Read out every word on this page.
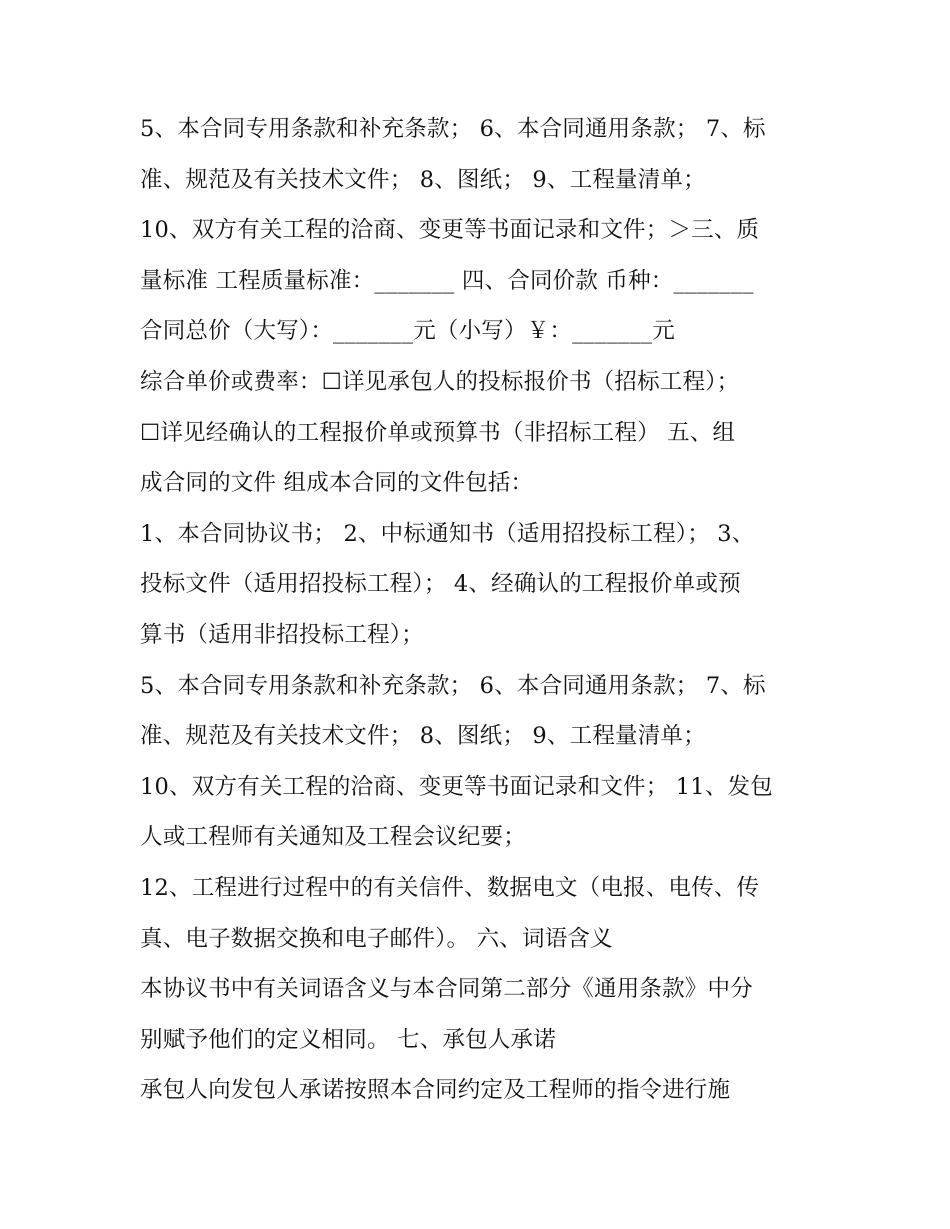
5、本合同专用条款和补充条款； 6、本合同通用条款； 7、标
准、规范及有关技术文件； 8、图纸； 9、工程量清单；
10、双方有关工程的洽商、变更等书面记录和文件；＞三、质
量标准 工程质量标准：_______ 四、合同价款 币种：_______
合同总价（大写）：_______元（小写）￥：_______元
综合单价或费率：☐详见承包人的投标报价书（招标工程）；
☐详见经确认的工程报价单或预算书（非招标工程） 五、组
成合同的文件 组成本合同的文件包括：
1、本合同协议书； 2、中标通知书（适用招投标工程）； 3、
投标文件（适用招投标工程）； 4、经确认的工程报价单或预
算书（适用非招投标工程）；
5、本合同专用条款和补充条款； 6、本合同通用条款； 7、标
准、规范及有关技术文件； 8、图纸； 9、工程量清单；
10、双方有关工程的洽商、变更等书面记录和文件； 11、发包
人或工程师有关通知及工程会议纪要；
12、工程进行过程中的有关信件、数据电文（电报、电传、传
真、电子数据交换和电子邮件）。 六、词语含义
本协议书中有关词语含义与本合同第二部分《通用条款》中分
别赋予他们的定义相同。 七、承包人承诺
承包人向发包人承诺按照本合同约定及工程师的指令进行施
